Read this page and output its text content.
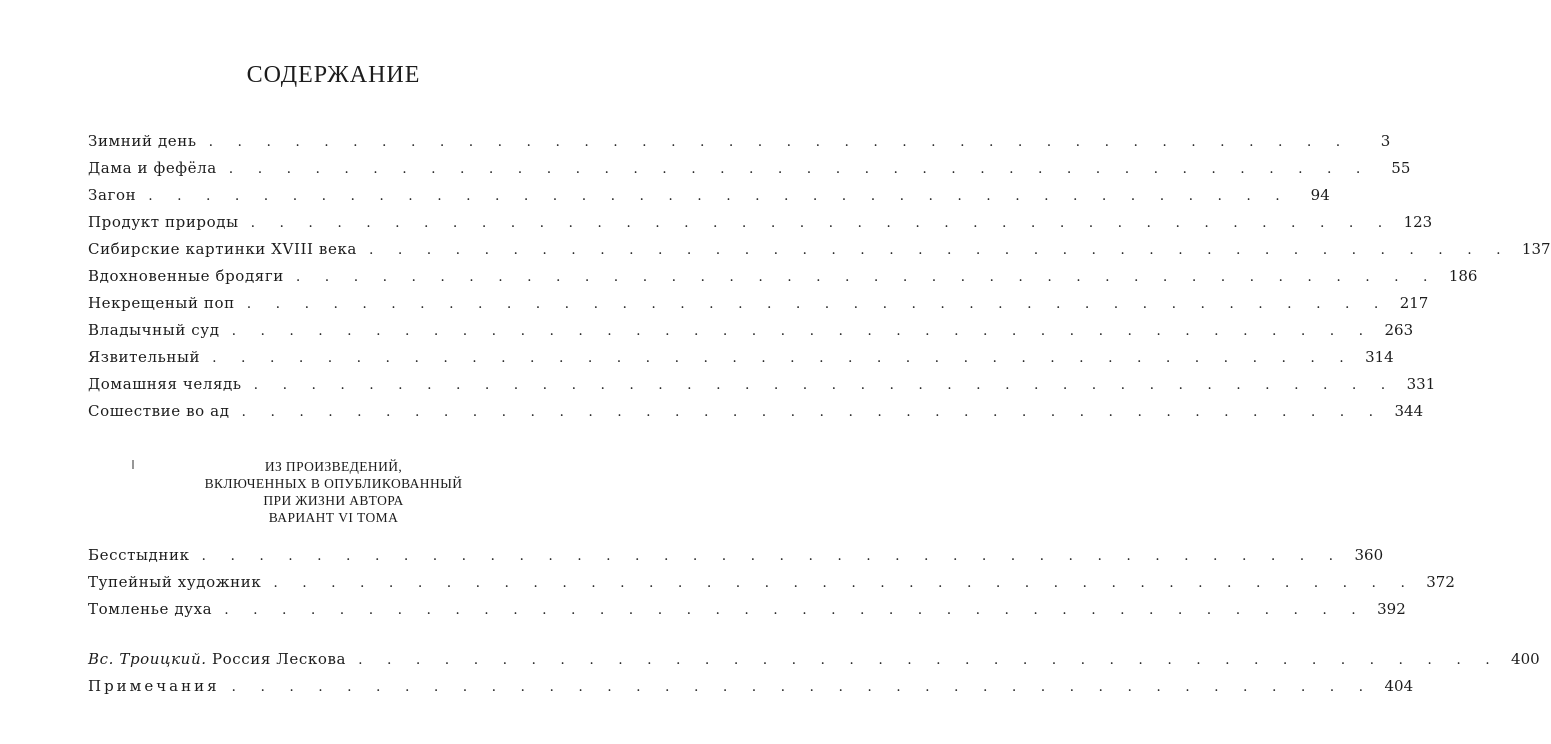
СОДЕРЖАНИЕ
Зимний день . . . . . . . . . . . . . . . . . . . . . . . . . . . . . . . . . . . . . . . .	3
Дама и фефёла . . . . . . . . . . . . . . . . . . . . . . . . . . . . . . . . . . . . . . . .	55
Загон . . . . . . . . . . . . . . . . . . . . . . . . . . . . . . . . . . . . . . . .	94
Продукт природы . . . . . . . . . . . . . . . . . . . . . . . . . . . . . . . . . . . . . . . . 123
Сибирские картинки XVIII века . . . . . . . . . . . . . . . . . . . . . . . . . . . . . . . . . . . . . . . . 137
Вдохновенные бродяги . . . . . . . . . . . . . . . . . . . . . . . . . . . . . . . . . . . . . . . . 186
Некрещеный поп . . . . . . . . . . . . . . . . . . . . . . . . . . . . . . . . . . . . . . . . 217
Владычный суд . . . . . . . . . . . . . . . . . . . . . . . . . . . . . . . . . . . . . . . . 263
Язвительный . . . . . . . . . . . . . . . . . . . . . . . . . . . . . . . . . . . . . . . . 314
Домашняя челядь . . . . . . . . . . . . . . . . . . . . . . . . . . . . . . . . . . . . . . . . 331
Сошествие во ад . . . . . . . . . . . . . . . . . . . . . . . . . . . . . . . . . . . . . . . . 344
ИЗ ПРОИЗВЕДЕНИЙ,
ВКЛЮЧЕННЫХ В ОПУБЛИКОВАННЫЙ
ПРИ ЖИЗНИ АВТОРА
ВАРИАНТ VI ТОМА
Бесстыдник . . . . . . . . . . . . . . . . . . . . . . . . . . . . . . . . . . . . . . . . 360
Тупейный художник . . . . . . . . . . . . . . . . . . . . . . . . . . . . . . . . . . . . . . . . 372
Томленье духа . . . . . . . . . . . . . . . . . . . . . . . . . . . . . . . . . . . . . . . . 392
Вс. Троицкий. Россия Лескова . . . . . . . . . . . . . . . . . . . . . . . . . . . . . . . . . . . . . . . . 400
Примечания . . . . . . . . . . . . . . . . . . . . . . . . . . . . . . . . . . . . . . . . 404
